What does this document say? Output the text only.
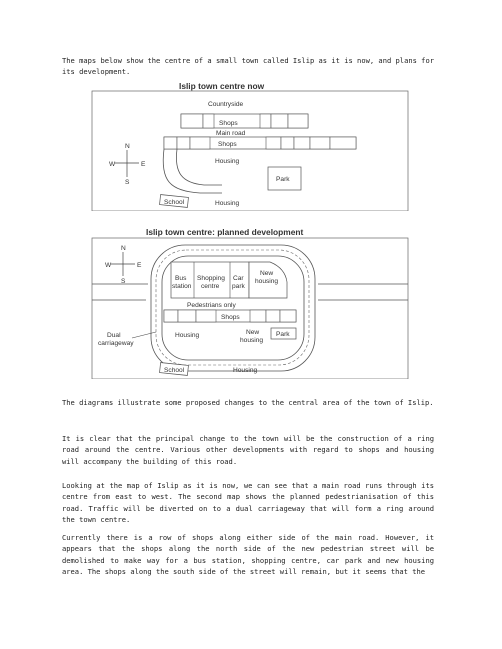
The maps below show the centre of a small town called Islip as it is now, and plans for its development.

Islip town centre now
Countryside
Shops
Main road
Shops
N
S
W	E	Housing
Park
School	Housing
Islip town centre: planned development
N
S
W	E
Bus
station
Shopping
centre
Car
park
New
housing
Pedestrians only
Shops
Dual
carriageway
Housing	New
housing
Park
School	Housing

The diagrams illustrate some proposed changes to the central area of the town of Islip.

It is clear that the principal change to the town will be the construction of a ring road around the centre. Various other developments with regard to shops and housing will accompany the building of this road.

Looking at the map of Islip as it is now, we can see that a main road runs through its centre from east to west. The second map shows the planned pedestrianisation of this road. Traffic will be diverted on to a dual carriageway that will form a ring around the town centre.

Currently there is a row of shops along either side of the main road. However, it appears that the shops along the north side of the new pedestrian street will be demolished to make way for a bus station, shopping centre, car park and new housing area. The shops along the south side of the street will remain, but it seems that the
